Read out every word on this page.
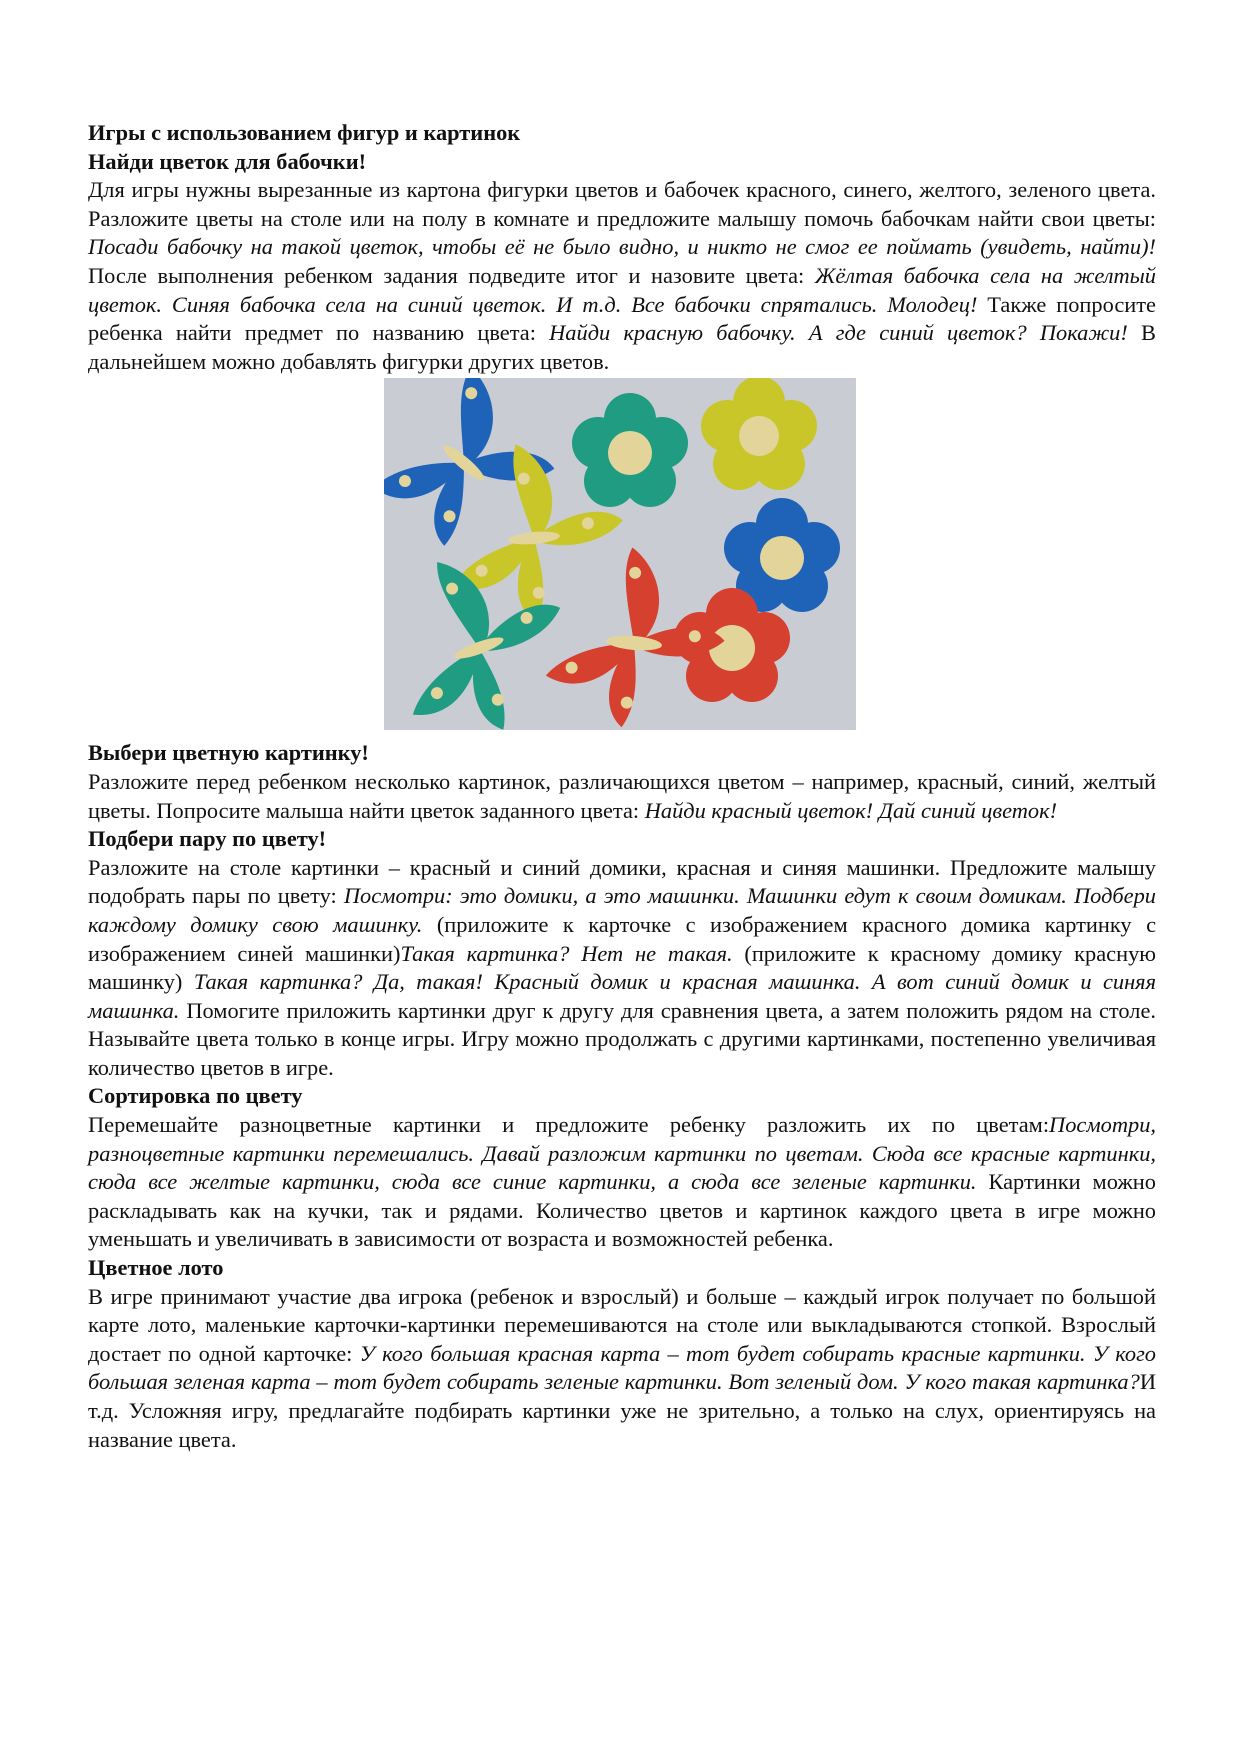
Игры с использованием фигур и картинок
Найди цветок для бабочки!

Для игры нужны вырезанные из картона фигурки цветов и бабочек красного, синего, желтого, зеленого цвета. Разложите цветы на столе или на полу в комнате и предложите малышу помочь бабочкам найти свои цветы: Посади бабочку на такой цветок, чтобы её не было видно, и никто не смог ее поймать (увидеть, найти)! После выполнения ребенком задания подведите итог и назовите цвета: Жёлтая бабочка села на желтый цветок. Синяя бабочка села на синий цветок. И т.д. Все бабочки спрятались. Молодец! Также попросите ребенка найти предмет по названию цвета: Найди красную бабочку. А где синий цветок? Покажи! В дальнейшем можно добавлять фигурки других цветов.

Выбери цветную картинку!

Разложите перед ребенком несколько картинок, различающихся цветом – например, красный, синий, желтый цветы. Попросите малыша найти цветок заданного цвета: Найди красный цветок! Дай синий цветок!

Подбери пару по цвету!

Разложите на столе картинки – красный и синий домики, красная и синяя машинки. Предложите малышу подобрать пары по цвету: Посмотри: это домики, а это машинки. Машинки едут к своим домикам. Подбери каждому домику свою машинку. (приложите к карточке с изображением красного домика картинку с изображением синей машинки)Такая картинка? Нет не такая. (приложите к красному домику красную машинку) Такая картинка? Да, такая! Красный домик и красная машинка. А вот синий домик и синяя машинка. Помогите приложить картинки друг к другу для сравнения цвета, а затем положить рядом на столе. Называйте цвета только в конце игры. Игру можно продолжать с другими картинками, постепенно увеличивая количество цветов в игре.

Сортировка по цвету

Перемешайте разноцветные картинки и предложите ребенку разложить их по цветам:Посмотри, разноцветные картинки перемешались. Давай разложим картинки по цветам. Сюда все красные картинки, сюда все желтые картинки, сюда все синие картинки, а сюда все зеленые картинки. Картинки можно раскладывать как на кучки, так и рядами. Количество цветов и картинок каждого цвета в игре можно уменьшать и увеличивать в зависимости от возраста и возможностей ребенка.

Цветное лото

В игре принимают участие два игрока (ребенок и взрослый) и больше – каждый игрок получает по большой карте лото, маленькие карточки-картинки перемешиваются на столе или выкладываются стопкой. Взрослый достает по одной карточке: У кого большая красная карта – тот будет собирать красные картинки. У кого большая зеленая карта – тот будет собирать зеленые картинки. Вот зеленый дом. У кого такая картинка?И т.д. Усложняя игру, предлагайте подбирать картинки уже не зрительно, а только на слух, ориентируясь на название цвета.
